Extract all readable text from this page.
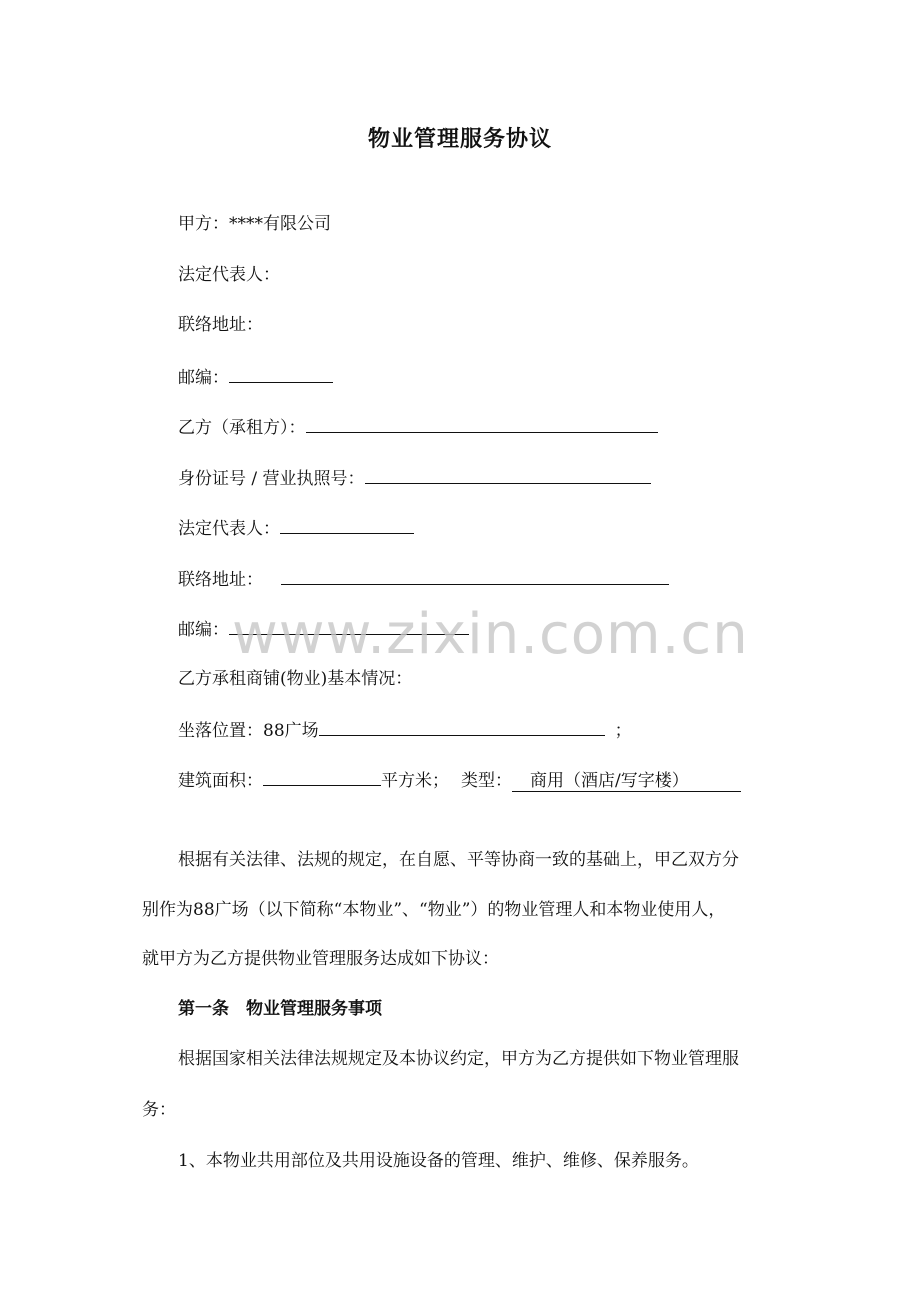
物业管理服务协议
甲方：****有限公司
法定代表人：
联络地址：
邮编：
乙方（承租方）：
身份证号 / 营业执照号：
法定代表人：
联络地址：
邮编： www.zixin.com.cn
乙方承租商铺(物业)基本情况：
坐落位置：88广场	；
建筑面积：	平方米； 类型： 商用（酒店/写字楼）
根据有关法律、法规的规定，在自愿、平等协商一致的基础上，甲乙双方分
别作为88广场（以下简称“本物业”、“物业”）的物业管理人和本物业使用人，
就甲方为乙方提供物业管理服务达成如下协议：
第一条　物业管理服务事项
根据国家相关法律法规规定及本协议约定，甲方为乙方提供如下物业管理服
务：
1、本物业共用部位及共用设施设备的管理、维护、维修、保养服务。
